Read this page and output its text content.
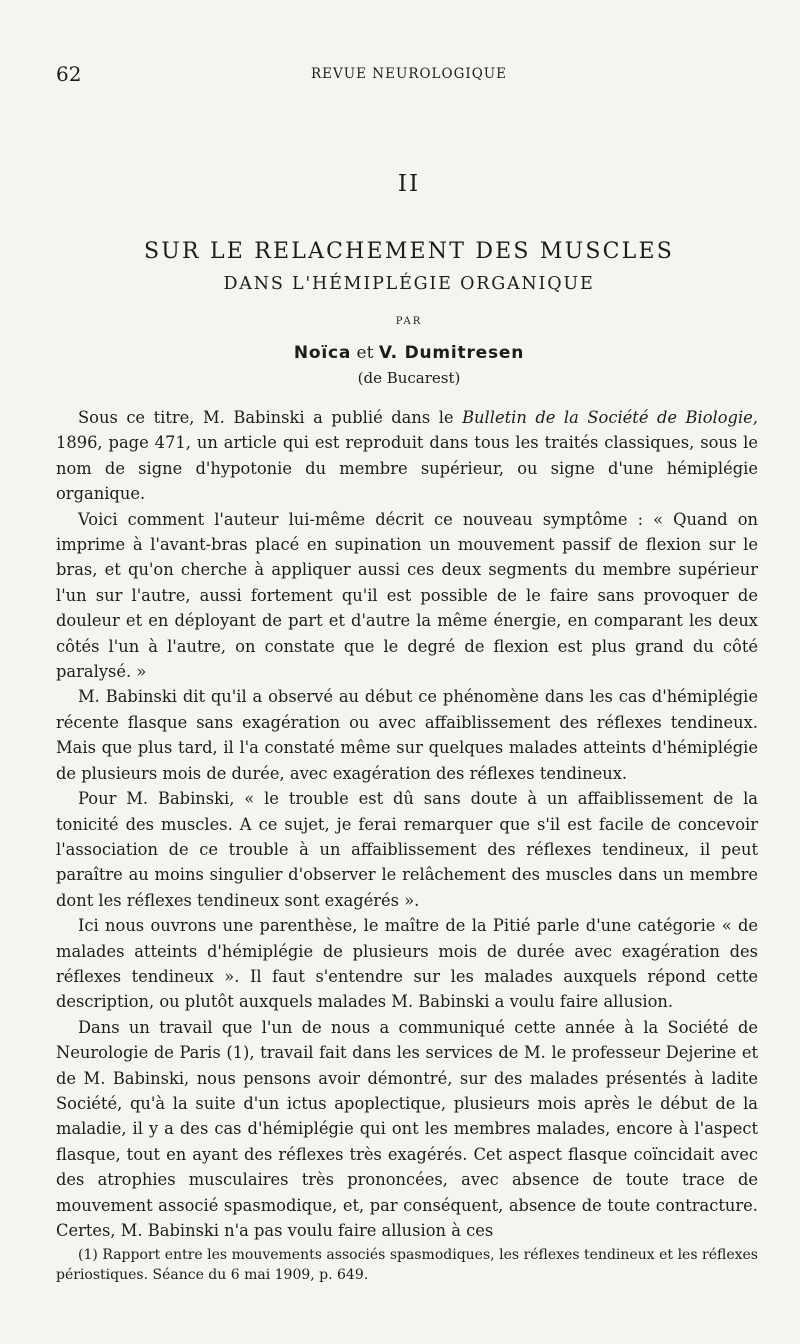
62	REVUE NEUROLOGIQUE
II
SUR LE RELACHEMENT DES MUSCLES
DANS L'HÉMIPLÉGIE ORGANIQUE
PAR
Noïca et V. Dumitresen
(de Bucarest)

Sous ce titre, M. Babinski a publié dans le Bulletin de la Société de Biologie, 1896, page 471, un article qui est reproduit dans tous les traités classiques, sous le nom de signe d'hypotonie du membre supérieur, ou signe d'une hémiplégie organique.

Voici comment l'auteur lui-même décrit ce nouveau symptôme : « Quand on imprime à l'avant-bras placé en supination un mouvement passif de flexion sur le bras, et qu'on cherche à appliquer aussi ces deux segments du membre supérieur l'un sur l'autre, aussi fortement qu'il est possible de le faire sans provoquer de douleur et en déployant de part et d'autre la même énergie, en comparant les deux côtés l'un à l'autre, on constate que le degré de flexion est plus grand du côté paralysé. »

M. Babinski dit qu'il a observé au début ce phénomène dans les cas d'hémiplégie récente flasque sans exagération ou avec affaiblissement des réflexes tendineux. Mais que plus tard, il l'a constaté même sur quelques malades atteints d'hémiplégie de plusieurs mois de durée, avec exagération des réflexes tendineux.

Pour M. Babinski, « le trouble est dû sans doute à un affaiblissement de la tonicité des muscles. A ce sujet, je ferai remarquer que s'il est facile de concevoir l'association de ce trouble à un affaiblissement des réflexes tendineux, il peut paraître au moins singulier d'observer le relâchement des muscles dans un membre dont les réflexes tendineux sont exagérés ».

Ici nous ouvrons une parenthèse, le maître de la Pitié parle d'une catégorie « de malades atteints d'hémiplégie de plusieurs mois de durée avec exagération des réflexes tendineux ». Il faut s'entendre sur les malades auxquels répond cette description, ou plutôt auxquels malades M. Babinski a voulu faire allusion.

Dans un travail que l'un de nous a communiqué cette année à la Société de Neurologie de Paris (1), travail fait dans les services de M. le professeur Dejerine et de M. Babinski, nous pensons avoir démontré, sur des malades présentés à ladite Société, qu'à la suite d'un ictus apoplectique, plusieurs mois après le début de la maladie, il y a des cas d'hémiplégie qui ont les membres malades, encore à l'aspect flasque, tout en ayant des réflexes très exagérés. Cet aspect flasque coïncidait avec des atrophies musculaires très prononcées, avec absence de toute trace de mouvement associé spasmodique, et, par conséquent, absence de toute contracture. Certes, M. Babinski n'a pas voulu faire allusion à ces

(1) Rapport entre les mouvements associés spasmodiques, les réflexes tendineux et les réflexes périostiques. Séance du 6 mai 1909, p. 649.
